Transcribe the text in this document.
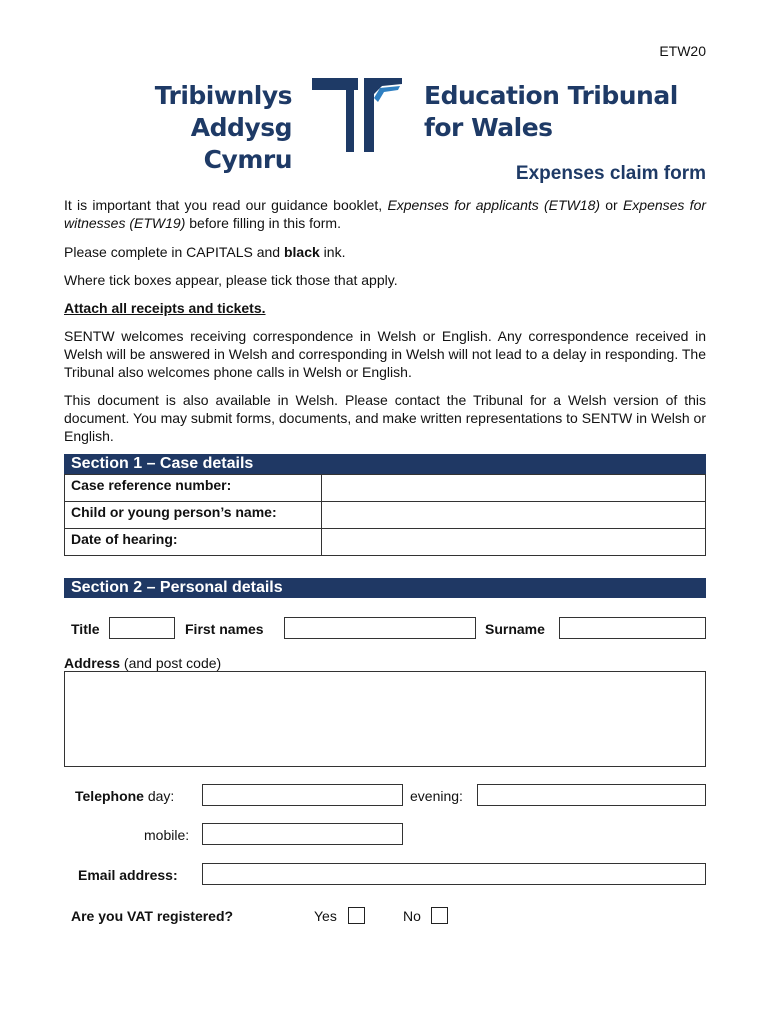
ETW20
Tribiwnlys
Addysg Cymru
Education Tribunal
for Wales
Expenses claim form
It is important that you read our guidance booklet, Expenses for applicants (ETW18) or Expenses for witnesses (ETW19) before filling in this form.
Please complete in CAPITALS and black ink.
Where tick boxes appear, please tick those that apply.
Attach all receipts and tickets.
SENTW welcomes receiving correspondence in Welsh or English. Any correspondence received in Welsh will be answered in Welsh and corresponding in Welsh will not lead to a delay in responding. The Tribunal also welcomes phone calls in Welsh or English.
This document is also available in Welsh. Please contact the Tribunal for a Welsh version of this document. You may submit forms, documents, and make written representations to SENTW in Welsh or English.
Section 1 – Case details
Case reference number:	
Child or young person’s name:	
Date of hearing:	
Section 2 – Personal details
Title	First names	Surname
Address (and post code)
Telephone day:	evening:
mobile:
Email address:
Are you VAT registered?	Yes	No
